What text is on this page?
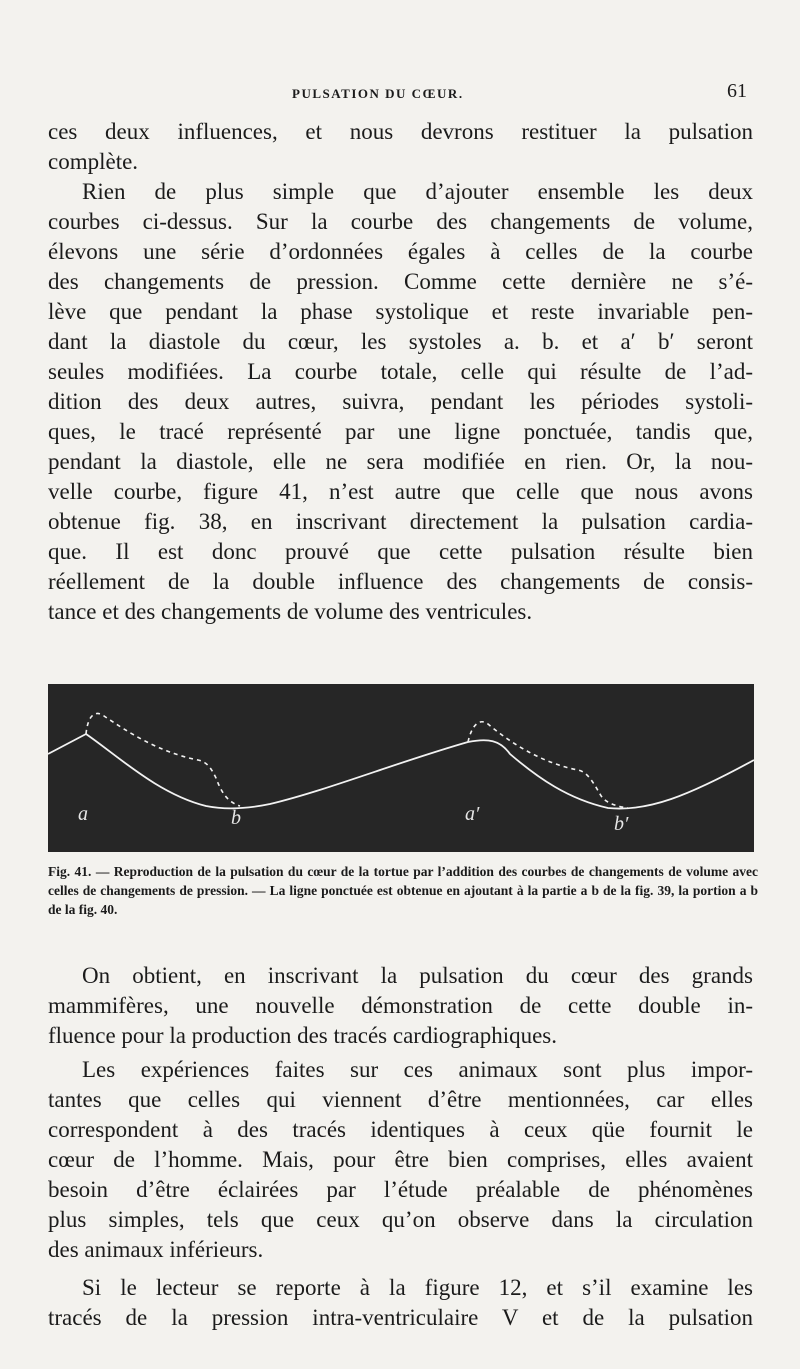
PULSATION DU CŒUR.	61

ces deux influences, et nous devrons restituer la pulsation

complète.

Rien de plus simple que d’ajouter ensemble les deux

courbes ci-dessus. Sur la courbe des changements de volume,

élevons une série d’ordonnées égales à celles de la courbe

des changements de pression. Comme cette dernière ne s’é-

lève que pendant la phase systolique et reste invariable pen-

dant la diastole du cœur, les systoles a. b. et a′ b′ seront

seules modifiées. La courbe totale, celle qui résulte de l’ad-

dition des deux autres, suivra, pendant les périodes systoli-

ques, le tracé représenté par une ligne ponctuée, tandis que,

pendant la diastole, elle ne sera modifiée en rien. Or, la nou-

velle courbe, figure 41, n’est autre que celle que nous avons

obtenue fig. 38, en inscrivant directement la pulsation cardia-

que. Il est donc prouvé que cette pulsation résulte bien

réellement de la double influence des changements de consis-

tance et des changements de volume des ventricules.

a	b	a′	b′

Fig. 41. — Reproduction de la pulsation du cœur de la tortue par l’addition des courbes de changements de volume avec celles de changements de pression. — La ligne ponctuée est obtenue en ajoutant à la partie a b de la fig. 39, la portion a b de la fig. 40.

On obtient, en inscrivant la pulsation du cœur des grands

mammifères, une nouvelle démonstration de cette double in-

fluence pour la production des tracés cardiographiques.

Les expériences faites sur ces animaux sont plus impor-

tantes que celles qui viennent d’être mentionnées, car elles

correspondent à des tracés identiques à ceux qüe fournit le

cœur de l’homme. Mais, pour être bien comprises, elles avaient

besoin d’être éclairées par l’étude préalable de phénomènes

plus simples, tels que ceux qu’on observe dans la circulation

des animaux inférieurs.

Si le lecteur se reporte à la figure 12, et s’il examine les

tracés de la pression intra-ventriculaire V et de la pulsation
